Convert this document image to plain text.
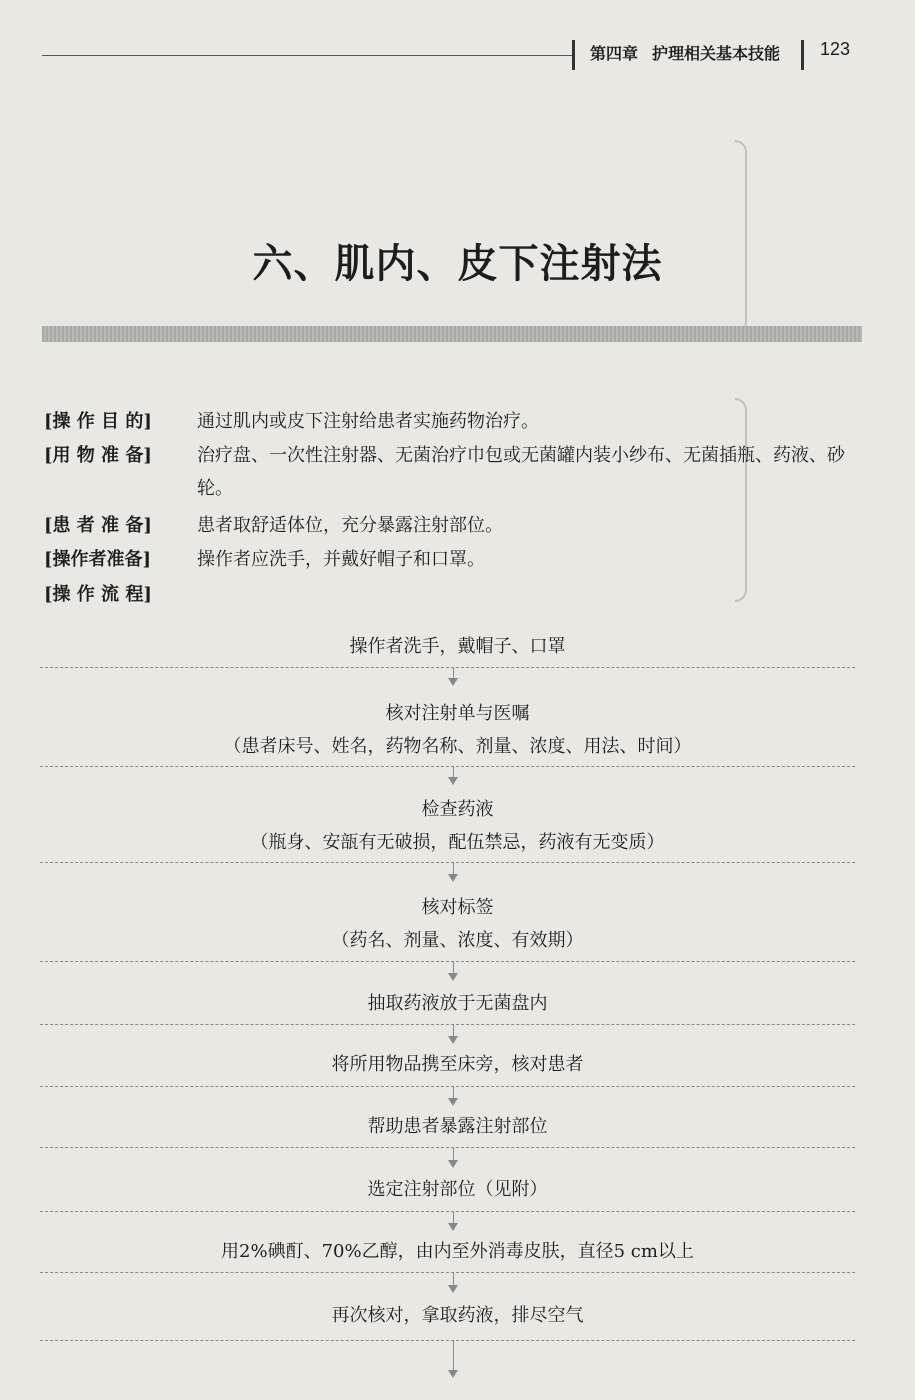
第四章 护理相关基本技能 123
六、肌内、皮下注射法
[操 作 目 的]	通过肌内或皮下注射给患者实施药物治疗。
[用 物 准 备]	治疗盘、一次性注射器、无菌治疗巾包或无菌罐内装小纱布、无菌插瓶、药液、砂轮。
[患 者 准 备]	患者取舒适体位，充分暴露注射部位。
[操作者准备]	操作者应洗手，并戴好帽子和口罩。
[操 作 流 程]
操作者洗手，戴帽子、口罩
核对注射单与医嘱
（患者床号、姓名，药物名称、剂量、浓度、用法、时间）
检查药液
（瓶身、安瓿有无破损，配伍禁忌，药液有无变质）
核对标签
（药名、剂量、浓度、有效期）
抽取药液放于无菌盘内
将所用物品携至床旁，核对患者
帮助患者暴露注射部位
选定注射部位（见附）
用2%碘酊、70%乙醇，由内至外消毒皮肤，直径5 cm以上
再次核对，拿取药液，排尽空气
